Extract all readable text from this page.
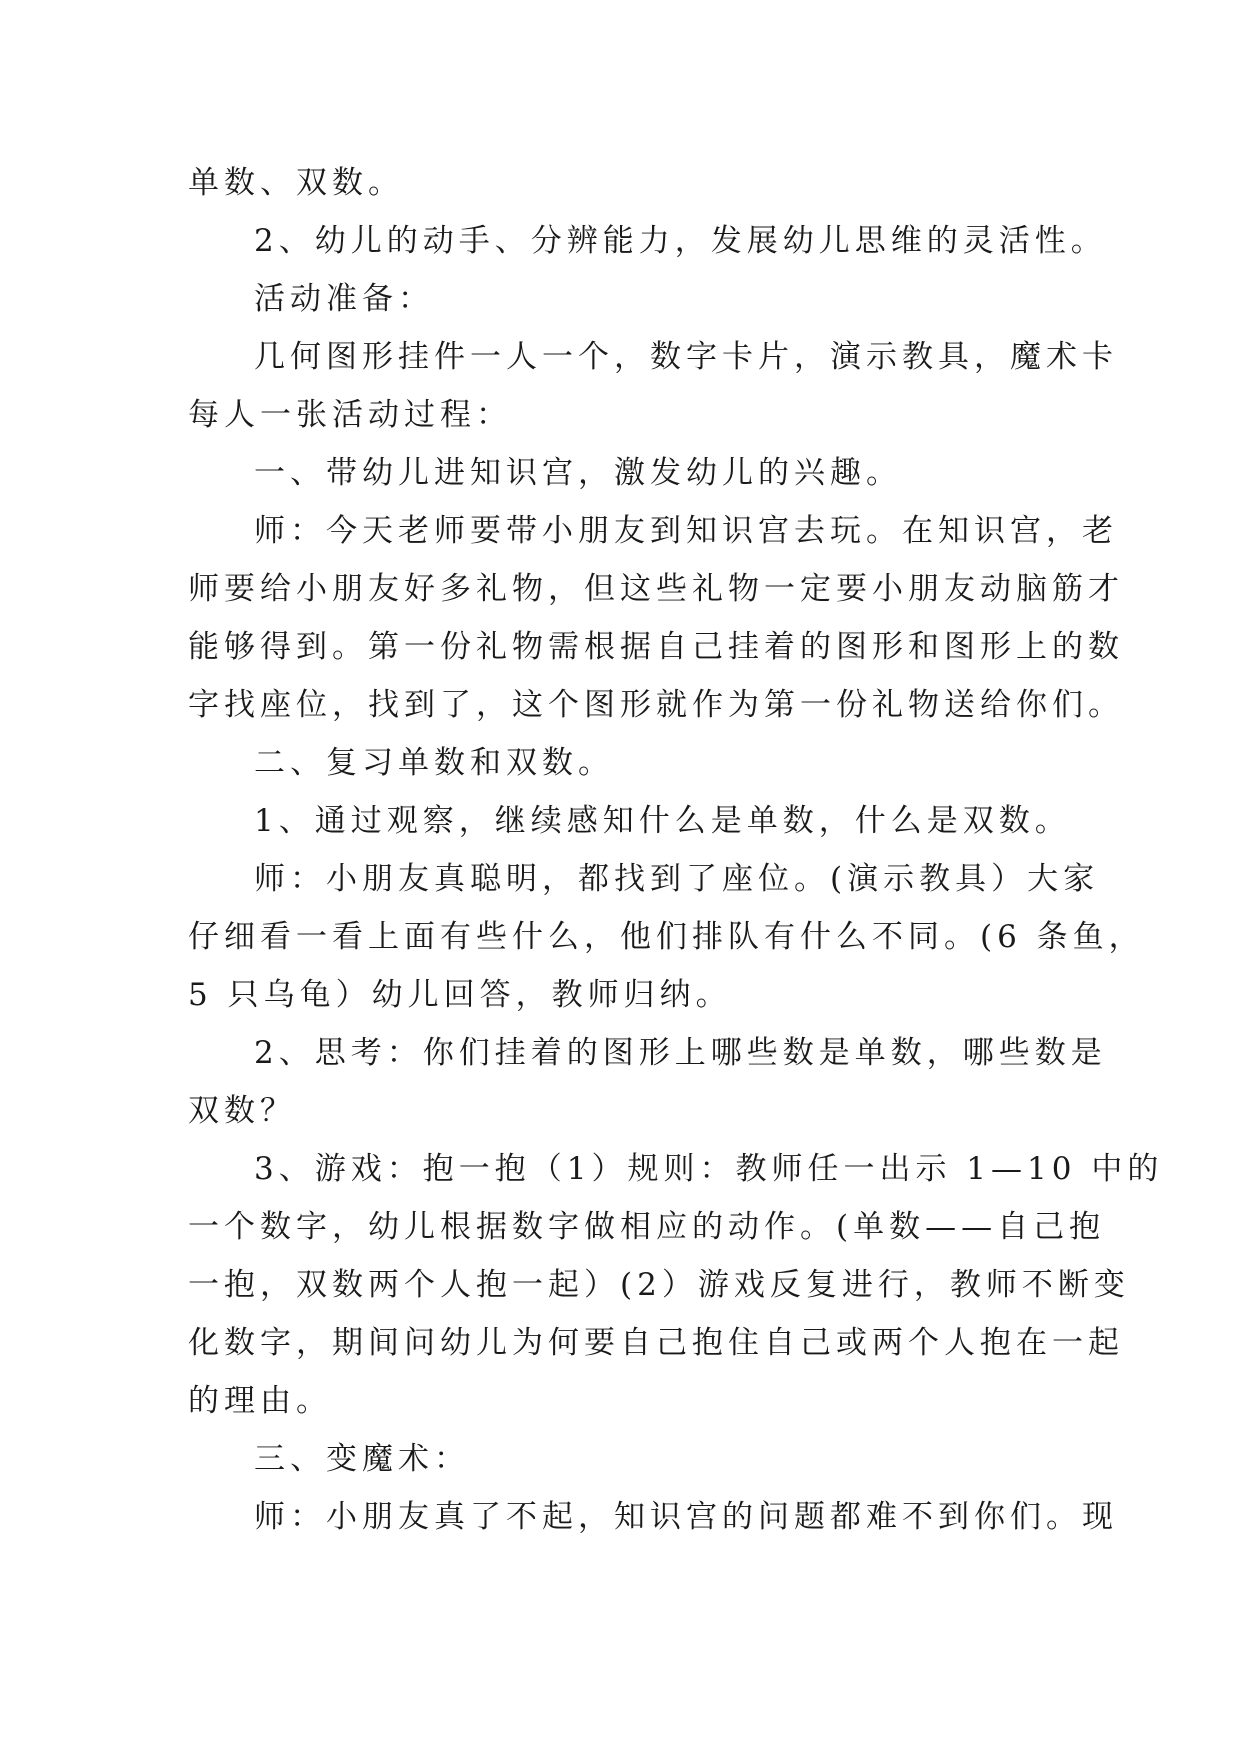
单数、双数。
2、幼儿的动手、分辨能力，发展幼儿思维的灵活性。
活动准备：
几何图形挂件一人一个，数字卡片，演示教具，魔术卡
每人一张活动过程：
一、带幼儿进知识宫，激发幼儿的兴趣。
师：今天老师要带小朋友到知识宫去玩。在知识宫，老
师要给小朋友好多礼物，但这些礼物一定要小朋友动脑筋才
能够得到。第一份礼物需根据自己挂着的图形和图形上的数
字找座位，找到了，这个图形就作为第一份礼物送给你们。
二、复习单数和双数。
1、通过观察，继续感知什么是单数，什么是双数。
师：小朋友真聪明，都找到了座位。(演示教具）大家
仔细看一看上面有些什么，他们排队有什么不同。(6 条鱼，
5 只乌龟）幼儿回答，教师归纳。
2、思考：你们挂着的图形上哪些数是单数，哪些数是
双数？
3、游戏：抱一抱（1）规则：教师任一出示 1—10 中的
一个数字，幼儿根据数字做相应的动作。(单数——自己抱
一抱，双数两个人抱一起）(2）游戏反复进行，教师不断变
化数字，期间问幼儿为何要自己抱住自己或两个人抱在一起
的理由。
三、变魔术：
师：小朋友真了不起，知识宫的问题都难不到你们。现
